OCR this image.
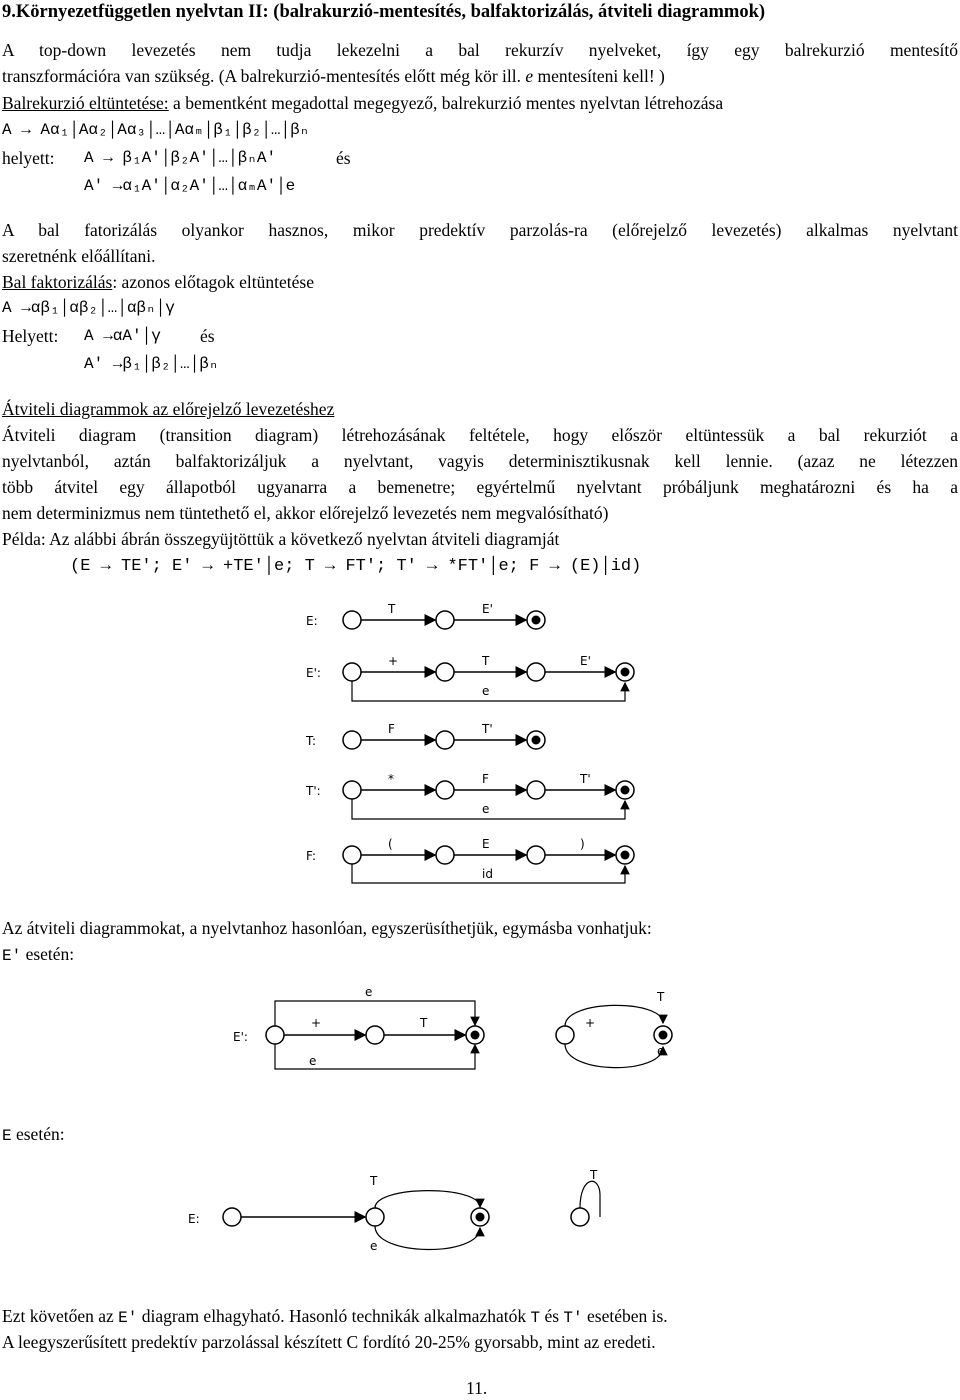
9.Környezetfüggetlen nyelvtan II: (balrakurzió-mentesítés, balfaktorizálás, átviteli diagrammok)
A top-down levezetés nem tudja lekezelni a bal rekurzív nyelveket, így egy balrekurzió mentesítő
transzformációra van szükség. (A balrekurzió-mentesítés előtt még kör ill. e mentesíteni kell! )
Balrekurzió eltüntetése: a bementként megadottal megegyező, balrekurzió mentes nyelvtan létrehozása
A → Aα₁│Aα₂│Aα₃│…│Aαₘ│β₁│β₂│…│βₙ
helyett: A → β₁A′│β₂A′│…│βₙA′	és
A′ →α₁A′│α₂A′│…│αₘA′│e
A bal fatorizálás olyankor hasznos, mikor predektív parzolás-ra (előrejelző levezetés) alkalmas nyelvtant
szeretnénk előállítani.
Bal faktorizálás: azonos előtagok eltüntetése
A →αβ₁│αβ₂│…│αβₙ│γ
Helyett: A →αA′│γ és
A′ →β₁│β₂│…│βₙ
Átviteli diagrammok az előrejelző levezetéshez
Átviteli diagram (transition diagram) létrehozásának feltétele, hogy először eltüntessük a bal rekurziót a
nyelvtanból, aztán balfaktorizáljuk a nyelvtant, vagyis determinisztikusnak kell lennie. (azaz ne létezzen
több átvitel egy állapotból ugyanarra a bemenetre; egyértelmű nyelvtant próbáljunk meghatározni és ha a
nem determinizmus nem tüntethető el, akkor előrejelző levezetés nem megvalósítható)
Példa: Az alábbi ábrán összegyüjtöttük a következő nyelvtan átviteli diagramját
(E → TE'; E' → +TE'│e; T → FT'; T' → *FT'│e; F → (E)│id)
E:
T	E'
E':
+	T	E'
e
T:
F	T'
T':
*	F	T'
e
F:
(	E	)
id
Az átviteli diagrammokat, a nyelvtanhoz hasonlóan, egyszerüsíthetjük, egymásba vonhatjuk:
E' esetén:
E':
+
e
e
T
T
e
+
E esetén:
E:
T
e
T
Ezt követően az E' diagram elhagyható. Hasonló technikák alkalmazhatók T és T' esetében is.
A leegyszerűsített predektív parzolással készített C fordító 20-25% gyorsabb, mint az eredeti.
11.
